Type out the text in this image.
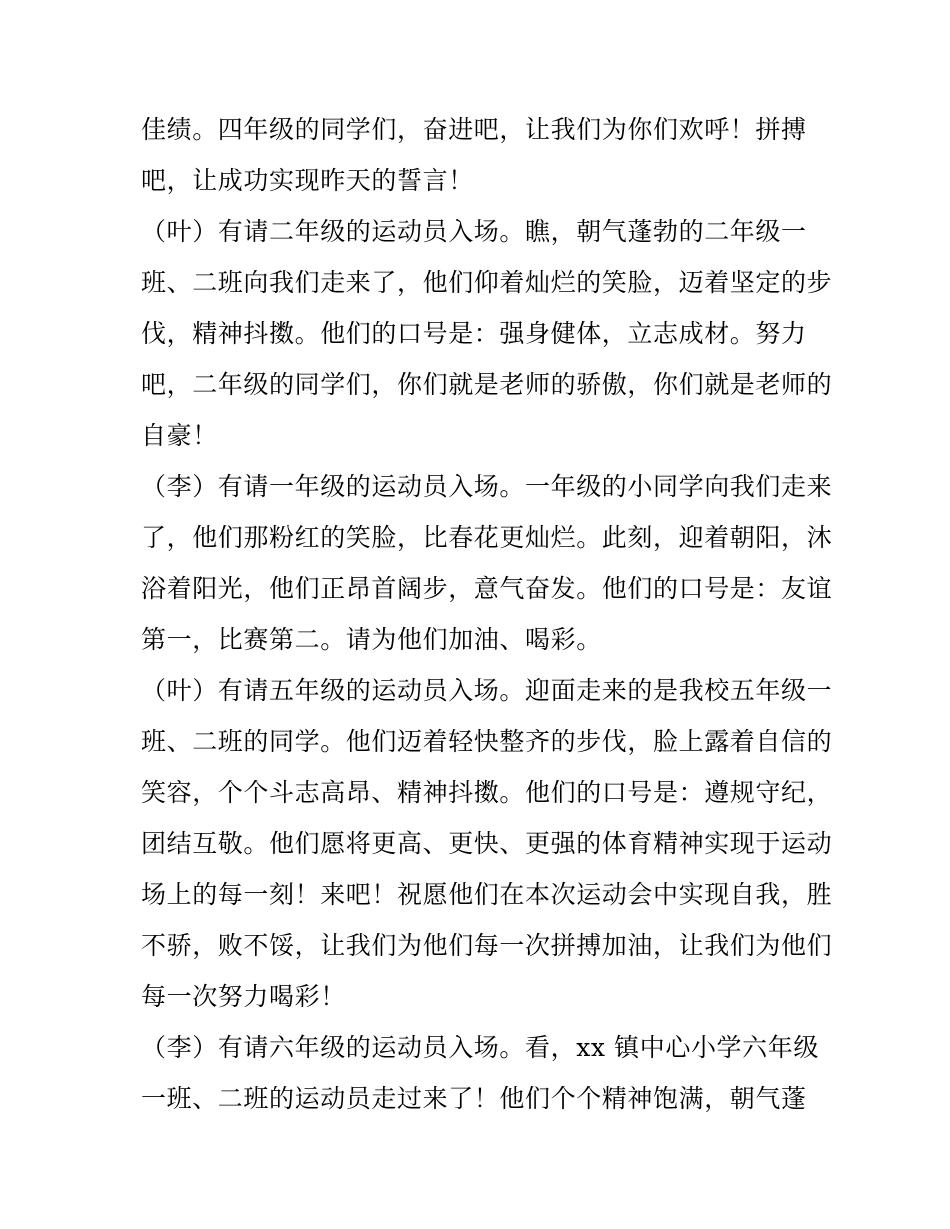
佳绩。四年级的同学们，奋进吧，让我们为你们欢呼！拼搏
吧，让成功实现昨天的誓言！
（叶）有请二年级的运动员入场。瞧，朝气蓬勃的二年级一
班、二班向我们走来了，他们仰着灿烂的笑脸，迈着坚定的步
伐，精神抖擞。他们的口号是：强身健体，立志成材。努力
吧，二年级的同学们，你们就是老师的骄傲，你们就是老师的
自豪！
（李）有请一年级的运动员入场。一年级的小同学向我们走来
了，他们那粉红的笑脸，比春花更灿烂。此刻，迎着朝阳，沐
浴着阳光，他们正昂首阔步，意气奋发。他们的口号是：友谊
第一，比赛第二。请为他们加油、喝彩。
（叶）有请五年级的运动员入场。迎面走来的是我校五年级一
班、二班的同学。他们迈着轻快整齐的步伐，脸上露着自信的
笑容，个个斗志高昂、精神抖擞。他们的口号是：遵规守纪，
团结互敬。他们愿将更高、更快、更强的体育精神实现于运动
场上的每一刻！来吧！祝愿他们在本次运动会中实现自我，胜
不骄，败不馁，让我们为他们每一次拼搏加油，让我们为他们
每一次努力喝彩！
（李）有请六年级的运动员入场。看，xx 镇中心小学六年级
一班、二班的运动员走过来了！他们个个精神饱满，朝气蓬
